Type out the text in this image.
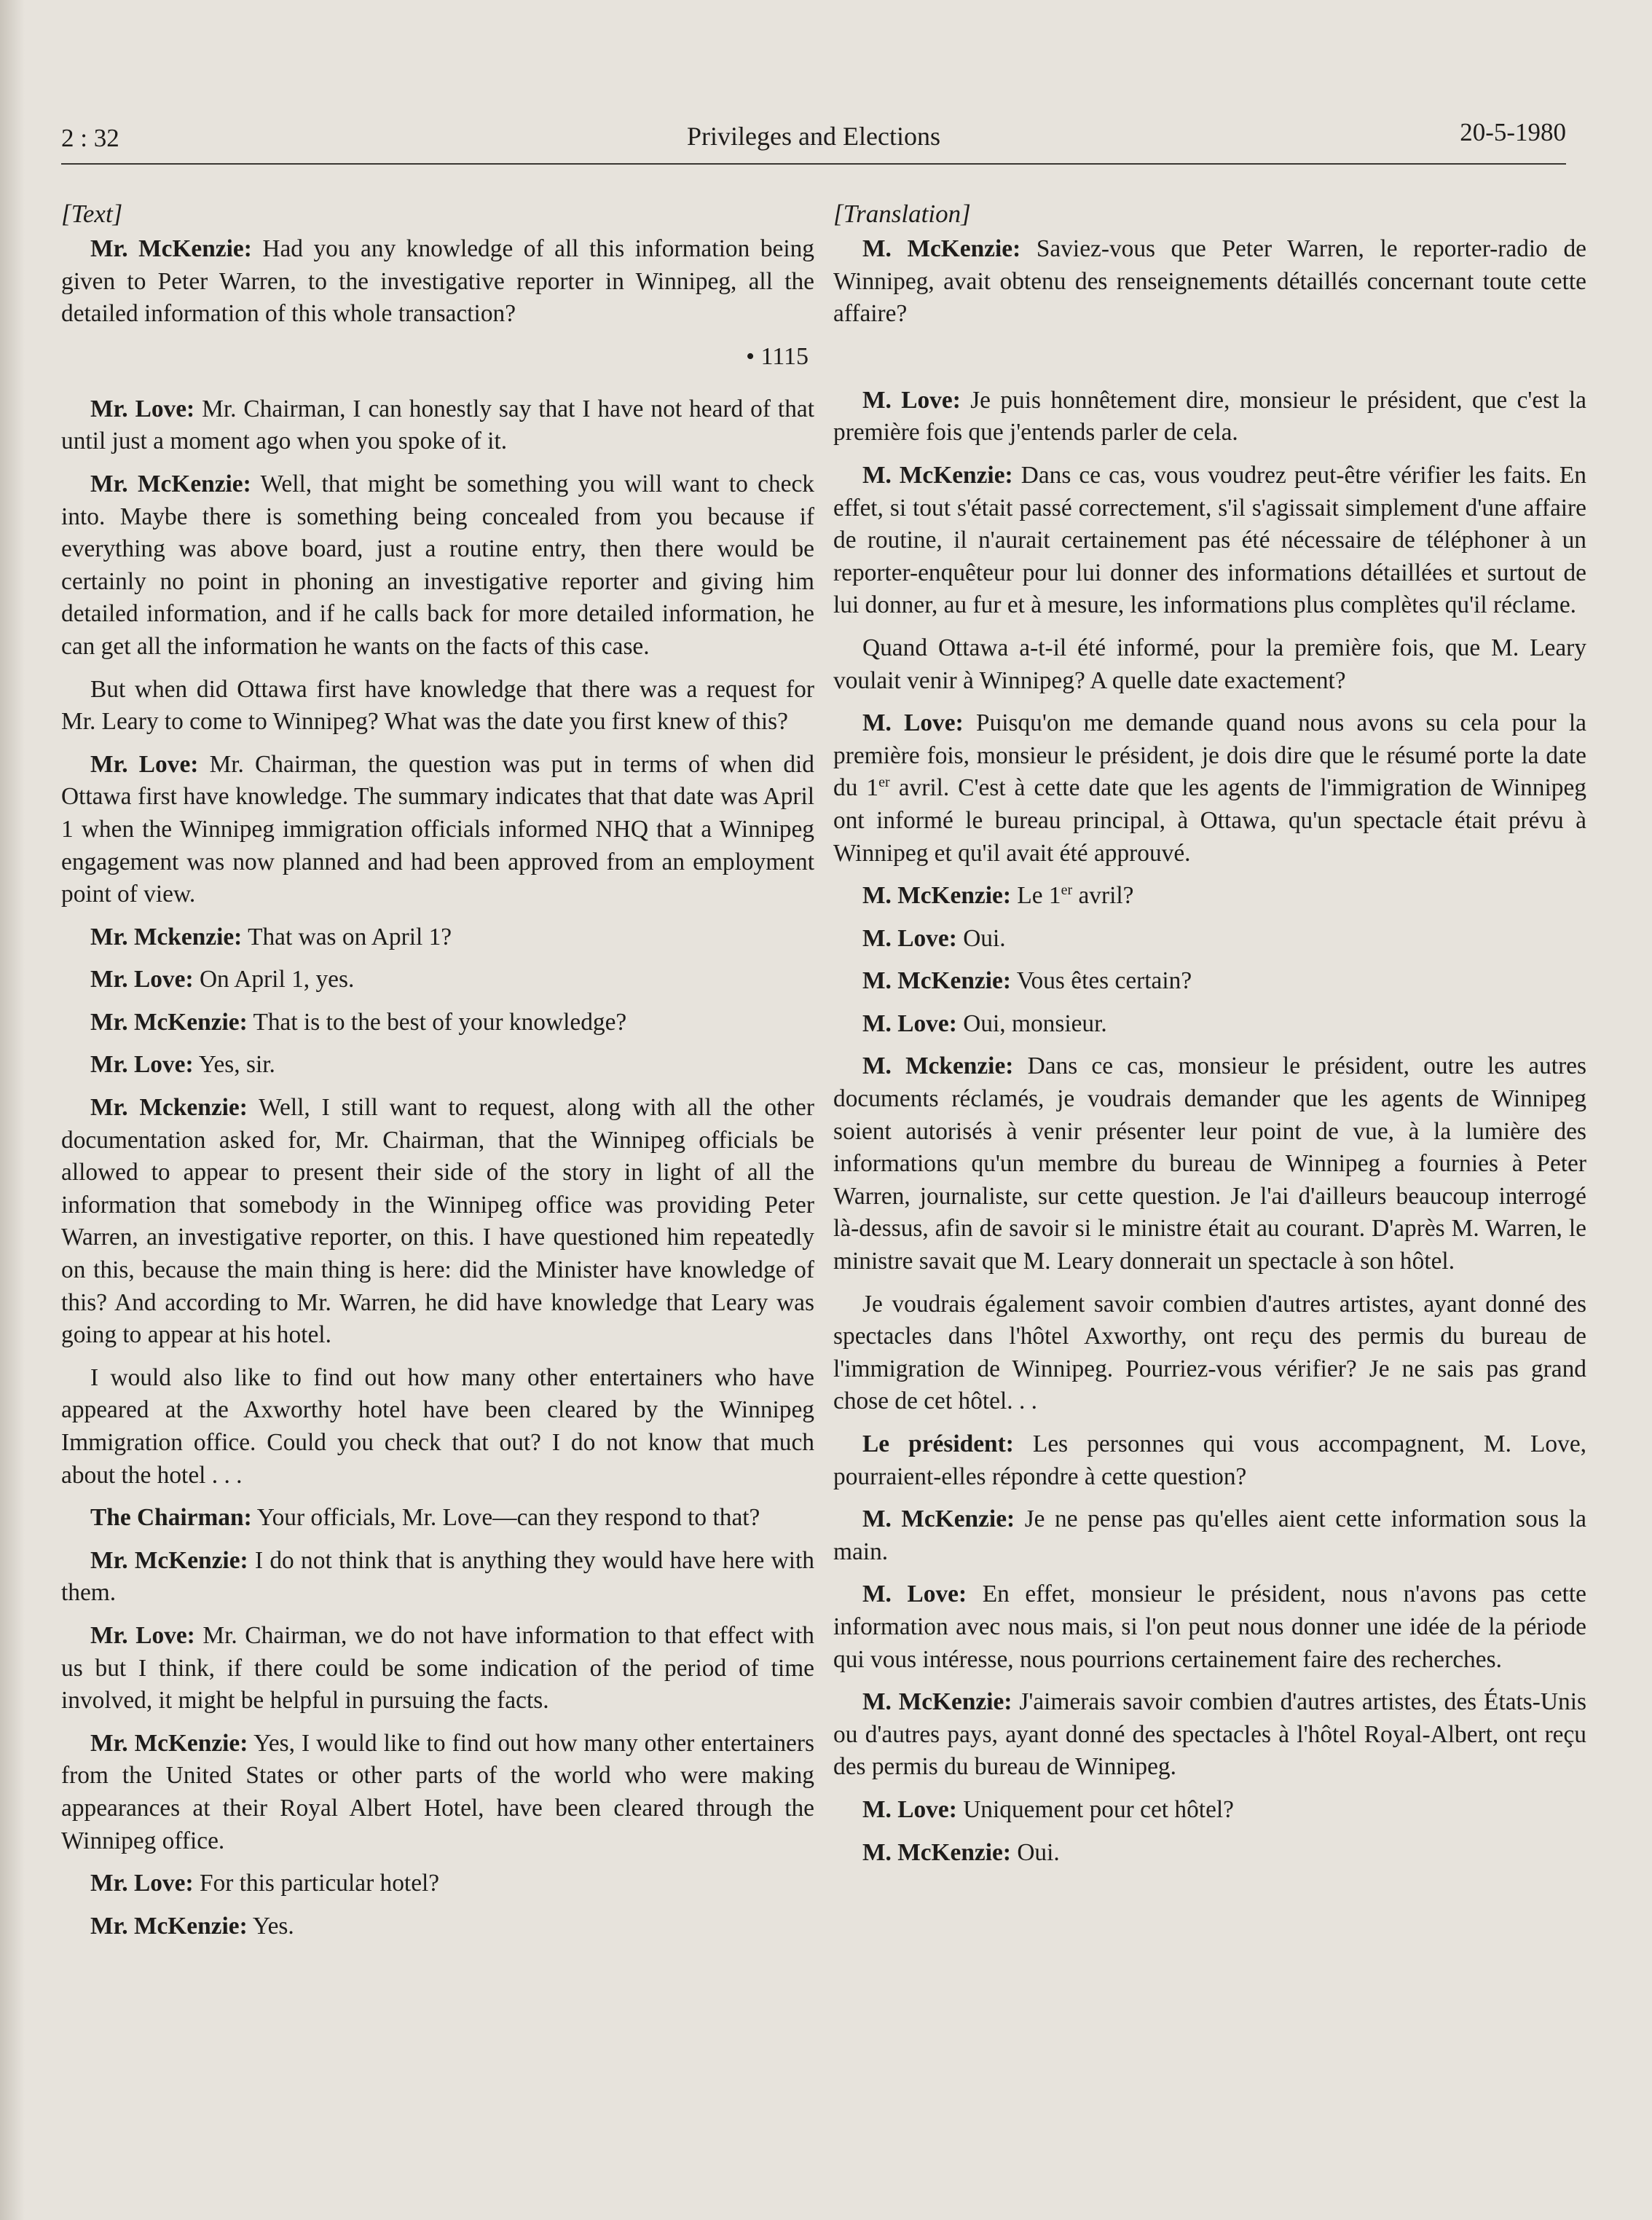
2 : 32	Privileges and Elections	20-5-1980
[Text]

Mr. McKenzie: Had you any knowledge of all this information being given to Peter Warren, to the investigative reporter in Winnipeg, all the detailed information of this whole transaction?

• 1115

Mr. Love: Mr. Chairman, I can honestly say that I have not heard of that until just a moment ago when you spoke of it.

Mr. McKenzie: Well, that might be something you will want to check into. Maybe there is something being concealed from you because if everything was above board, just a routine entry, then there would be certainly no point in phoning an investigative reporter and giving him detailed information, and if he calls back for more detailed information, he can get all the information he wants on the facts of this case.

But when did Ottawa first have knowledge that there was a request for Mr. Leary to come to Winnipeg? What was the date you first knew of this?

Mr. Love: Mr. Chairman, the question was put in terms of when did Ottawa first have knowledge. The summary indicates that that date was April 1 when the Winnipeg immigration officials informed NHQ that a Winnipeg engagement was now planned and had been approved from an employment point of view.

Mr. Mckenzie: That was on April 1?

Mr. Love: On April 1, yes.

Mr. McKenzie: That is to the best of your knowledge?

Mr. Love: Yes, sir.

Mr. Mckenzie: Well, I still want to request, along with all the other documentation asked for, Mr. Chairman, that the Winnipeg officials be allowed to appear to present their side of the story in light of all the information that somebody in the Winnipeg office was providing Peter Warren, an investigative reporter, on this. I have questioned him repeatedly on this, because the main thing is here: did the Minister have knowledge of this? And according to Mr. Warren, he did have knowledge that Leary was going to appear at his hotel.

I would also like to find out how many other entertainers who have appeared at the Axworthy hotel have been cleared by the Winnipeg Immigration office. Could you check that out? I do not know that much about the hotel . . .

The Chairman: Your officials, Mr. Love—can they respond to that?

Mr. McKenzie: I do not think that is anything they would have here with them.

Mr. Love: Mr. Chairman, we do not have information to that effect with us but I think, if there could be some indication of the period of time involved, it might be helpful in pursuing the facts.

Mr. McKenzie: Yes, I would like to find out how many other entertainers from the United States or other parts of the world who were making appearances at their Royal Albert Hotel, have been cleared through the Winnipeg office.

Mr. Love: For this particular hotel?

Mr. McKenzie: Yes.

[Translation]

M. McKenzie: Saviez-vous que Peter Warren, le reporter-radio de Winnipeg, avait obtenu des renseignements détaillés concernant toute cette affaire?

M. Love: Je puis honnêtement dire, monsieur le président, que c'est la première fois que j'entends parler de cela.

M. McKenzie: Dans ce cas, vous voudrez peut-être vérifier les faits. En effet, si tout s'était passé correctement, s'il s'agissait simplement d'une affaire de routine, il n'aurait certainement pas été nécessaire de téléphoner à un reporter-enquêteur pour lui donner des informations détaillées et surtout de lui donner, au fur et à mesure, les informations plus complètes qu'il réclame.

Quand Ottawa a-t-il été informé, pour la première fois, que M. Leary voulait venir à Winnipeg? A quelle date exactement?

M. Love: Puisqu'on me demande quand nous avons su cela pour la première fois, monsieur le président, je dois dire que le résumé porte la date du 1er avril. C'est à cette date que les agents de l'immigration de Winnipeg ont informé le bureau principal, à Ottawa, qu'un spectacle était prévu à Winnipeg et qu'il avait été approuvé.

M. McKenzie: Le 1er avril?

M. Love: Oui.

M. McKenzie: Vous êtes certain?

M. Love: Oui, monsieur.

M. Mckenzie: Dans ce cas, monsieur le président, outre les autres documents réclamés, je voudrais demander que les agents de Winnipeg soient autorisés à venir présenter leur point de vue, à la lumière des informations qu'un membre du bureau de Winnipeg a fournies à Peter Warren, journaliste, sur cette question. Je l'ai d'ailleurs beaucoup interrogé là-dessus, afin de savoir si le ministre était au courant. D'après M. Warren, le ministre savait que M. Leary donnerait un spectacle à son hôtel.

Je voudrais également savoir combien d'autres artistes, ayant donné des spectacles dans l'hôtel Axworthy, ont reçu des permis du bureau de l'immigration de Winnipeg. Pourriez-vous vérifier? Je ne sais pas grand chose de cet hôtel. . .

Le président: Les personnes qui vous accompagnent, M. Love, pourraient-elles répondre à cette question?

M. McKenzie: Je ne pense pas qu'elles aient cette information sous la main.

M. Love: En effet, monsieur le président, nous n'avons pas cette information avec nous mais, si l'on peut nous donner une idée de la période qui vous intéresse, nous pourrions certainement faire des recherches.

M. McKenzie: J'aimerais savoir combien d'autres artistes, des États-Unis ou d'autres pays, ayant donné des spectacles à l'hôtel Royal-Albert, ont reçu des permis du bureau de Winnipeg.

M. Love: Uniquement pour cet hôtel?

M. McKenzie: Oui.
